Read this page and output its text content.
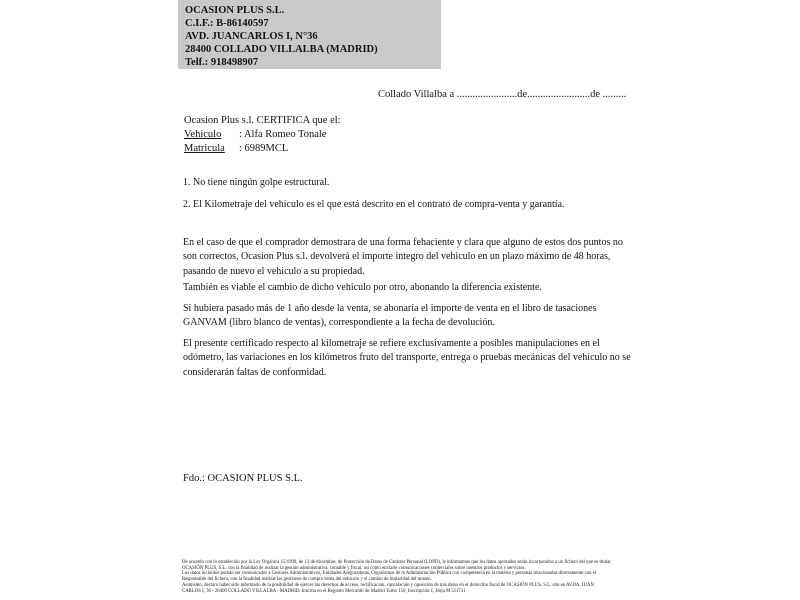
OCASION PLUS S.L.
C.I.F.: B-86140597
AVD. JUANCARLOS I, N°36
28400 COLLADO VILLALBA (MADRID)
Telf.: 918498907
Collado Villalba a .......................de........................de .........
Ocasion Plus s.l. CERTIFICA que el:
Vehiculo : Alfa Romeo Tonale
Matricula : 6989MCL
1. No tiene ningún golpe estructural.
2. El Kilometraje del vehículo es el que está descrito en el contrato de compra-venta y garantía.
En el caso de que el comprador demostrara de una forma fehaciente y clara que alguno de estos dos puntos no son correctos, Ocasion Plus s.l. devolverá el importe integro del vehiculo en un plazo máximo de 48 horas, pasando de nuevo el vehiculo a su propiedad.
También es viable el cambio de dicho vehiculo por otro, abonando la diferencia existente.
Si hubiera pasado más de 1 año desde la venta, se abonaría el importe de venta en el libro de tasaciones GANVAM (libro blanco de ventas), correspondiente a la fecha de devolución.
El presente certificado respecto al kilometraje se refiere exclusivamente a posibles manipulaciones en el odómetro, las variaciones en los kilómetros fruto del transporte, entrega o pruebas mecánicas del vehiculo no se considerarán faltas de conformidad.
Fdo.: OCASION PLUS S.L.
De acuerdo con lo establecido por la Ley Orgánica 15/1999, de 13 de diciembre, de Protección de Datos de Carácter Personal (LOPD), le informamos que los datos aportados serán incorporados a un fichero del que es titular
OCASIÓN PLUS, S.L. con la finalidad de realizar la gestión administrativa, contable y fiscal, así como enviarle comunicaciones comerciales sobre nuestros productos y servicios.
Los datos incluidos podrán ser comunicados a Gestores Administrativos, Entidades Aseguradoras, Organismos de la Administración Pública con competencia en la materia y personas relacionadas directamente con el
Responsable del fichero, con la finalidad realizar las gestiones de compra venta del vehículo y el cambio de titularidad del mismo.
Asimismo, declaro haber sido informado de la posibilidad de ejercer los derechos de acceso, rectificación, cancelación y oposición de mis datos en el domicilio fiscal de OCASIÓN PLUS, S.L. sito en AVDA. JUAN
CARLOS I, 36 - 28400 COLLADO VILLALBA - MADRID. Inscrita en el Registro Mercantil de Madrid Tomo 150, Inscripción 1, Hoja M 511731
